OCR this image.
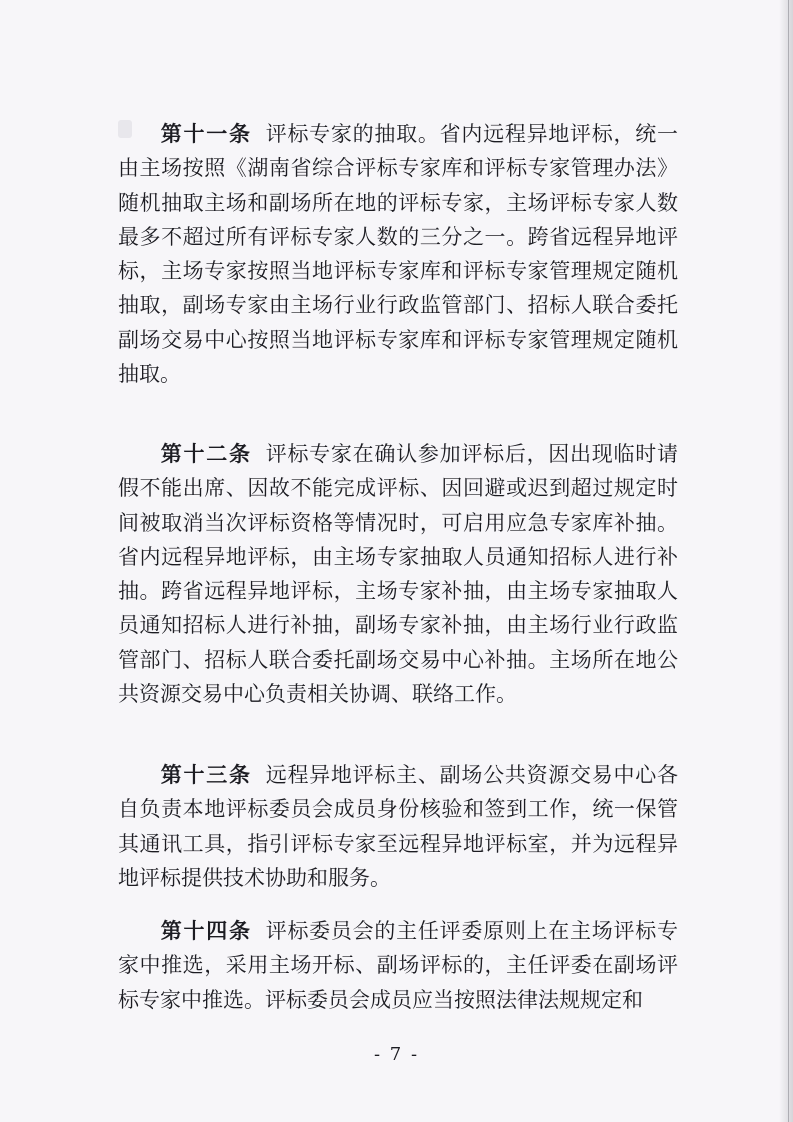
第十一条 评标专家的抽取。省内远程异地评标，统一由主场按照《湖南省综合评标专家库和评标专家管理办法》随机抽取主场和副场所在地的评标专家，主场评标专家人数最多不超过所有评标专家人数的三分之一。跨省远程异地评标，主场专家按照当地评标专家库和评标专家管理规定随机抽取，副场专家由主场行业行政监管部门、招标人联合委托副场交易中心按照当地评标专家库和评标专家管理规定随机抽取。

第十二条 评标专家在确认参加评标后，因出现临时请假不能出席、因故不能完成评标、因回避或迟到超过规定时间被取消当次评标资格等情况时，可启用应急专家库补抽。省内远程异地评标，由主场专家抽取人员通知招标人进行补抽。跨省远程异地评标，主场专家补抽，由主场专家抽取人员通知招标人进行补抽，副场专家补抽，由主场行业行政监管部门、招标人联合委托副场交易中心补抽。主场所在地公共资源交易中心负责相关协调、联络工作。

第十三条 远程异地评标主、副场公共资源交易中心各自负责本地评标委员会成员身份核验和签到工作，统一保管其通讯工具，指引评标专家至远程异地评标室，并为远程异地评标提供技术协助和服务。

第十四条 评标委员会的主任评委原则上在主场评标专家中推选，采用主场开标、副场评标的，主任评委在副场评标专家中推选。评标委员会成员应当按照法律法规规定和

- 7 -
